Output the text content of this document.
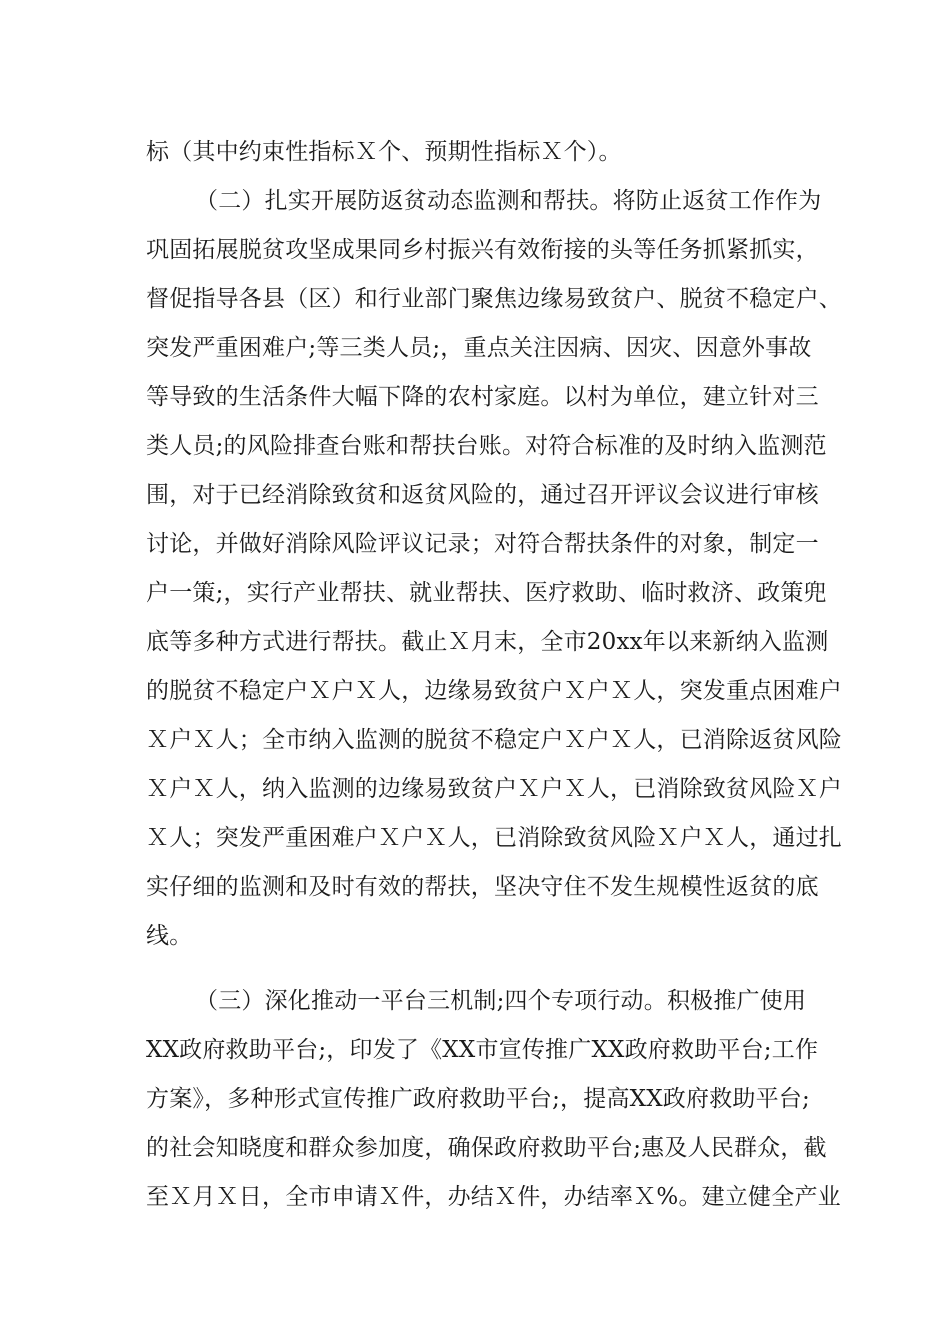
标（其中约束性指标Ｘ个、预期性指标Ｘ个）。
（二）扎实开展防返贫动态监测和帮扶。将防止返贫工作作为
巩固拓展脱贫攻坚成果同乡村振兴有效衔接的头等任务抓紧抓实，
督促指导各县（区）和行业部门聚焦边缘易致贫户、脱贫不稳定户、
突发严重困难户;等三类人员;，重点关注因病、因灾、因意外事故
等导致的生活条件大幅下降的农村家庭。以村为单位，建立针对三
类人员;的风险排查台账和帮扶台账。对符合标准的及时纳入监测范
围，对于已经消除致贫和返贫风险的，通过召开评议会议进行审核
讨论，并做好消除风险评议记录；对符合帮扶条件的对象，制定一
户一策;，实行产业帮扶、就业帮扶、医疗救助、临时救济、政策兜
底等多种方式进行帮扶。截止Ｘ月末，全市20xx年以来新纳入监测
的脱贫不稳定户Ｘ户Ｘ人，边缘易致贫户Ｘ户Ｘ人，突发重点困难户
Ｘ户Ｘ人；全市纳入监测的脱贫不稳定户Ｘ户Ｘ人，已消除返贫风险
Ｘ户Ｘ人，纳入监测的边缘易致贫户Ｘ户Ｘ人，已消除致贫风险Ｘ户
Ｘ人；突发严重困难户Ｘ户Ｘ人，已消除致贫风险Ｘ户Ｘ人，通过扎
实仔细的监测和及时有效的帮扶，坚决守住不发生规模性返贫的底
线。
（三）深化推动一平台三机制;四个专项行动。积极推广使用
XX政府救助平台;，印发了《XX市宣传推广XX政府救助平台;工作
方案》，多种形式宣传推广政府救助平台;，提高XX政府救助平台;
的社会知晓度和群众参加度，确保政府救助平台;惠及人民群众，截
至Ｘ月Ｘ日，全市申请Ｘ件，办结Ｘ件，办结率Ｘ%。建立健全产业
